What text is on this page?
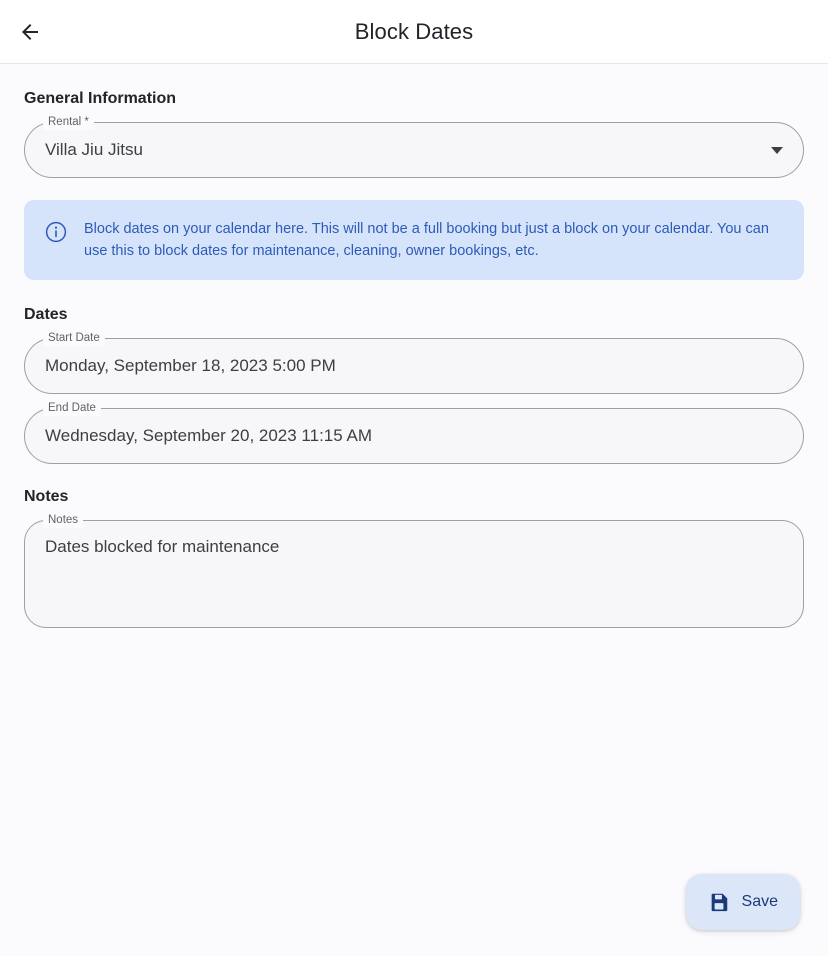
Block Dates
General Information
Rental *
Villa Jiu Jitsu
Block dates on your calendar here. This will not be a full booking but just a block on your calendar. You can use this to block dates for maintenance, cleaning, owner bookings, etc.
Dates
Start Date
Monday, September 18, 2023 5:00 PM
End Date
Wednesday, September 20, 2023 11:15 AM
Notes
Notes
Dates blocked for maintenance
Save
